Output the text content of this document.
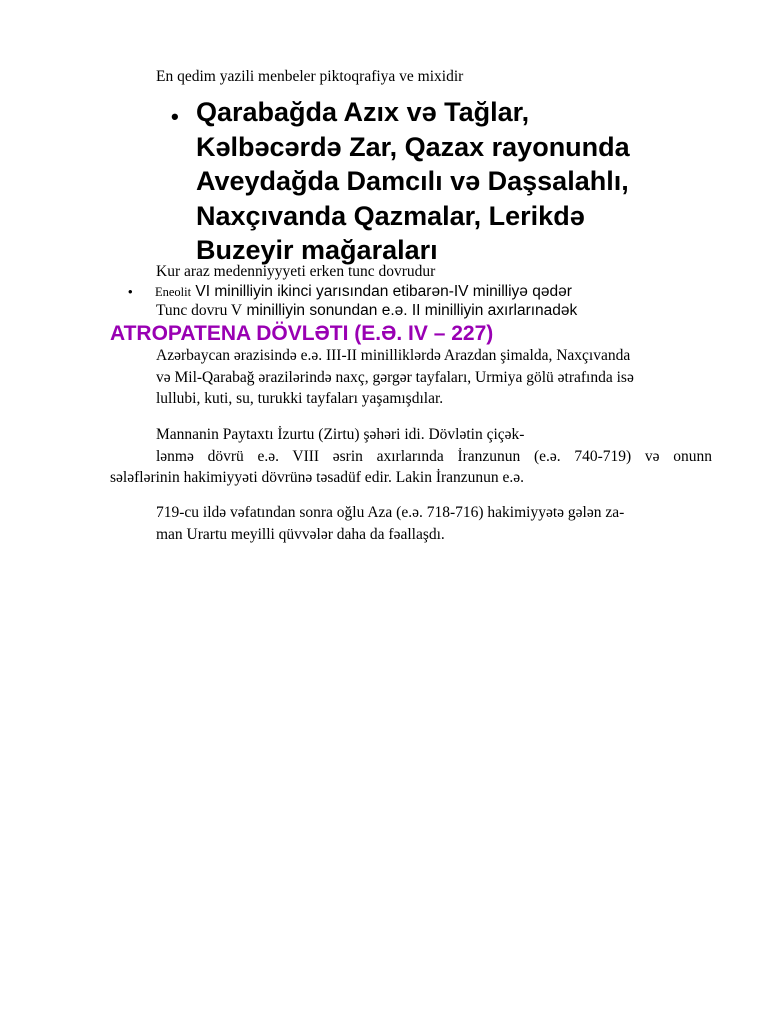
En qedim yazili menbeler piktoqrafiya ve mixidir
• Qarabağda Azıx və Tağlar,
Kəlbəcərdə Zar, Qazax rayonunda
Aveydağda Damcılı və Daşsalahlı,
Naxçıvanda Qazmalar, Lerikdə
Buzeyir mağaraları
Kur araz medenniyyyeti erken tunc dovrudur
• Eneolit VI minilliyin ikinci yarısından etibarən-IV minilliyə qədər
Tunc dovru V minilliyin sonundan e.ə. II minilliyin axırlarınadək
ATROPATENA DÖVLƏTI (E.Ə. IV – 227)
Azərbaycan ərazisində e.ə. III-II minilliklərdə Arazdan şimalda, Naxçıvanda
və Mil-Qarabağ ərazilərində naxç, gərgər tayfaları, Urmiya gölü ətrafında isə
lullubi, kuti, su, turukki tayfaları yaşamışdılar.
Mannanin Paytaxtı İzurtu (Zirtu) şəhəri idi. Dövlətin çiçək-
lənmə dövrü e.ə. VIII əsrin axırlarında İranzunun (e.ə. 740-719) və onunn
sələflərinin hakimiyyəti dövrünə təsadüf edir. Lakin İranzunun e.ə.
719-cu ildə vəfatından sonra oğlu Aza (e.ə. 718-716) hakimiyyətə gələn za-
man Urartu meyilli qüvvələr daha da fəallaşdı.
